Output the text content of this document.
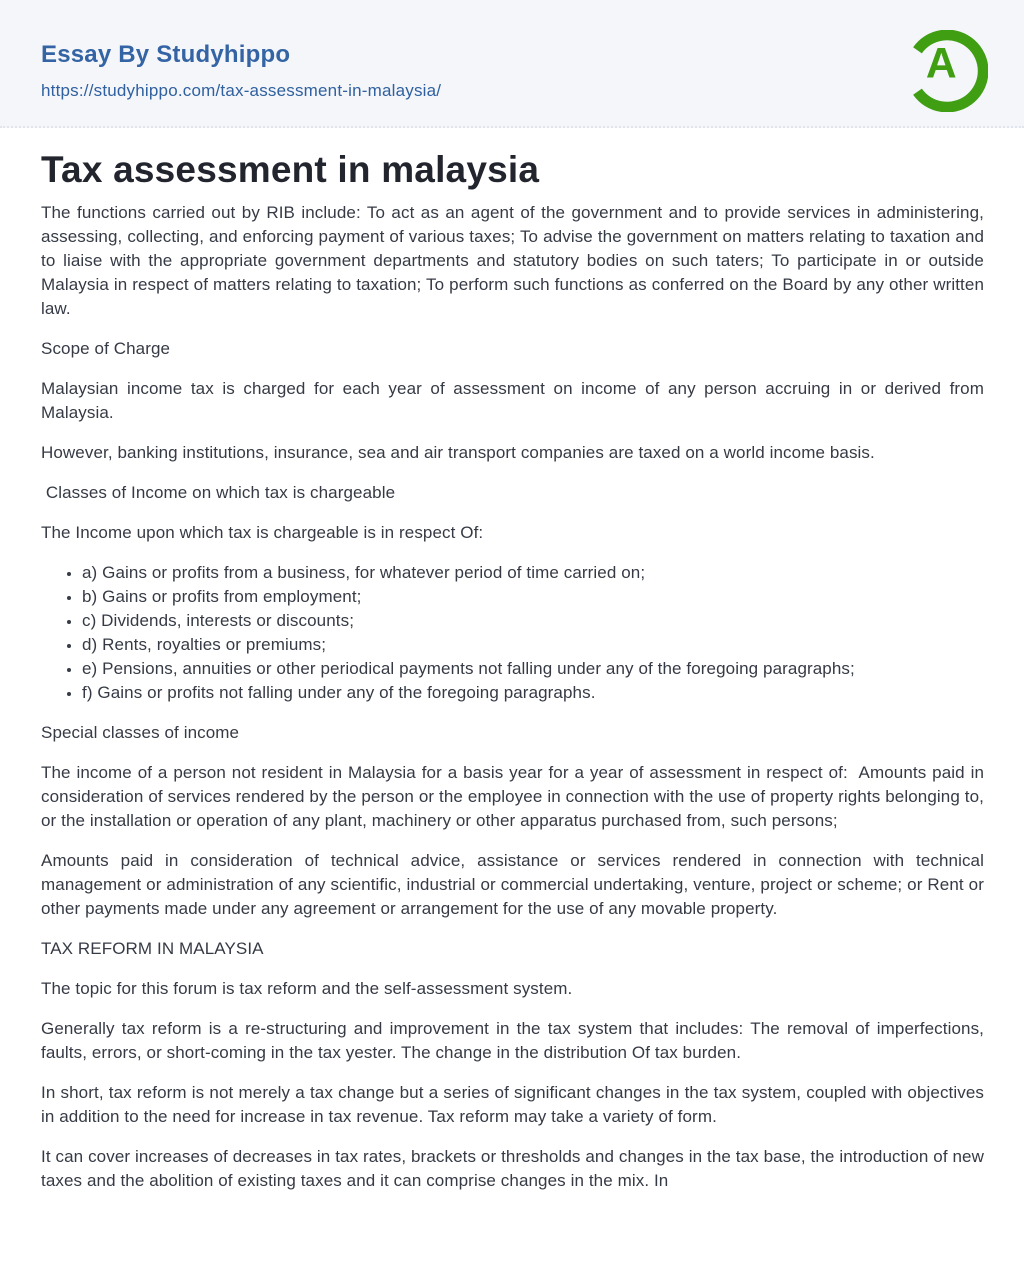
Essay By Studyhippo
https://studyhippo.com/tax-assessment-in-malaysia/
A
Tax assessment in malaysia

The functions carried out by RIB include: To act as an agent of the government and to provide services in administering, assessing, collecting, and enforcing payment of various taxes; To advise the government on matters relating to taxation and to liaise with the appropriate government departments and statutory bodies on such taters; To participate in or outside Malaysia in respect of matters relating to taxation; To perform such functions as conferred on the Board by any other written law.

Scope of Charge

Malaysian income tax is charged for each year of assessment on income of any person accruing in or derived from Malaysia.

However, banking institutions, insurance, sea and air transport companies are taxed on a world income basis.

Classes of Income on which tax is chargeable

The Income upon which tax is chargeable is in respect Of:

• a) Gains or profits from a business, for whatever period of time carried on;
• b) Gains or profits from employment;
• c) Dividends, interests or discounts;
• d) Rents, royalties or premiums;
• e) Pensions, annuities or other periodical payments not falling under any of the foregoing paragraphs;
• f) Gains or profits not falling under any of the foregoing paragraphs.

Special classes of income

The income of a person not resident in Malaysia for a basis year for a year of assessment in respect of:  Amounts paid in consideration of services rendered by the person or the employee in connection with the use of property rights belonging to, or the installation or operation of any plant, machinery or other apparatus purchased from, such persons;

Amounts paid in consideration of technical advice, assistance or services rendered in connection with technical management or administration of any scientific, industrial or commercial undertaking, venture, project or scheme; or Rent or other payments made under any agreement or arrangement for the use of any movable property.

TAX REFORM IN MALAYSIA

The topic for this forum is tax reform and the self-assessment system.

Generally tax reform is a re-structuring and improvement in the tax system that includes: The removal of imperfections, faults, errors, or short-coming in the tax yester. The change in the distribution Of tax burden.

In short, tax reform is not merely a tax change but a series of significant changes in the tax system, coupled with objectives in addition to the need for increase in tax revenue. Tax reform may take a variety of form.

It can cover increases of decreases in tax rates, brackets or thresholds and changes in the tax base, the introduction of new taxes and the abolition of existing taxes and it can comprise changes in the mix. In
